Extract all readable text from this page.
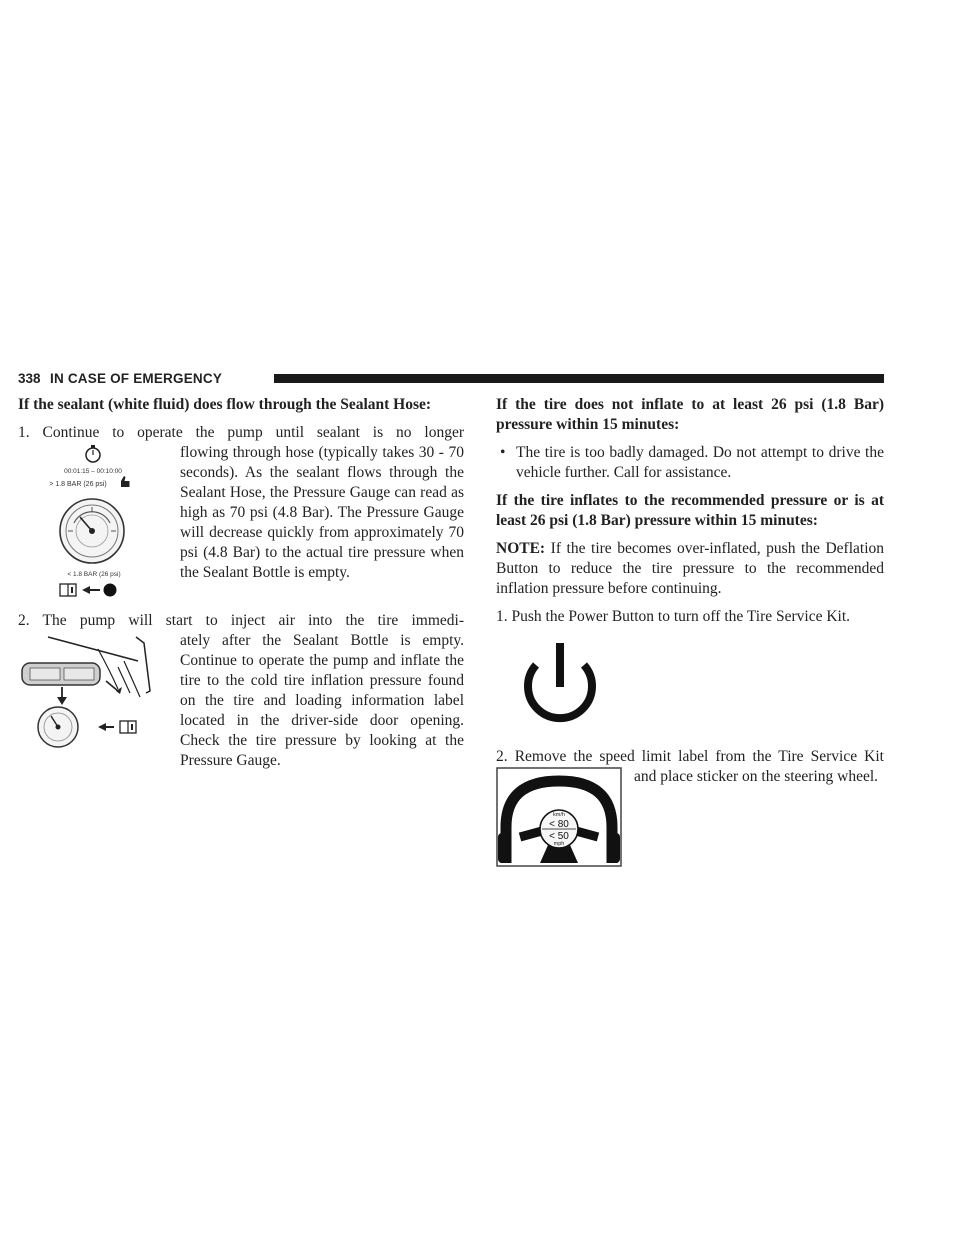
338 IN CASE OF EMERGENCY

If the sealant (white fluid) does flow through the Sealant Hose:

1. Continue to operate the pump until sealant is no longer
00:01:15 – 00:10:00
> 1.8 BAR (26 psi)
< 1.8 BAR (26 psi)
flowing through hose (typically takes 30 - 70 seconds). As the sealant flows through the Sealant Hose, the Pressure Gauge can read as high as 70 psi (4.8 Bar). The Pressure Gauge will decrease quickly from approximately 70 psi (4.8 Bar) to the actual tire pressure when the Sealant Bottle is empty.
2. The pump will start to inject air into the tire immedi-
ately after the Sealant Bottle is empty. Continue to operate the pump and inflate the tire to the cold tire inflation pressure found on the tire and loading information label located in the driver-side door opening. Check the tire pressure by looking at the Pressure Gauge.

If the tire does not inflate to at least 26 psi (1.8 Bar) pressure within 15 minutes:

• The tire is too badly damaged. Do not attempt to drive the vehicle further. Call for assistance.

If the tire inflates to the recommended pressure or is at least 26 psi (1.8 Bar) pressure within 15 minutes:

NOTE: If the tire becomes over-inflated, push the Deflation Button to reduce the tire pressure to the recommended inflation pressure before continuing.

1. Push the Power Button to turn off the Tire Service Kit.

2. Remove the speed limit label from the Tire Service Kit
km/h
< 80
< 50
mph
and place sticker on the steering wheel.
